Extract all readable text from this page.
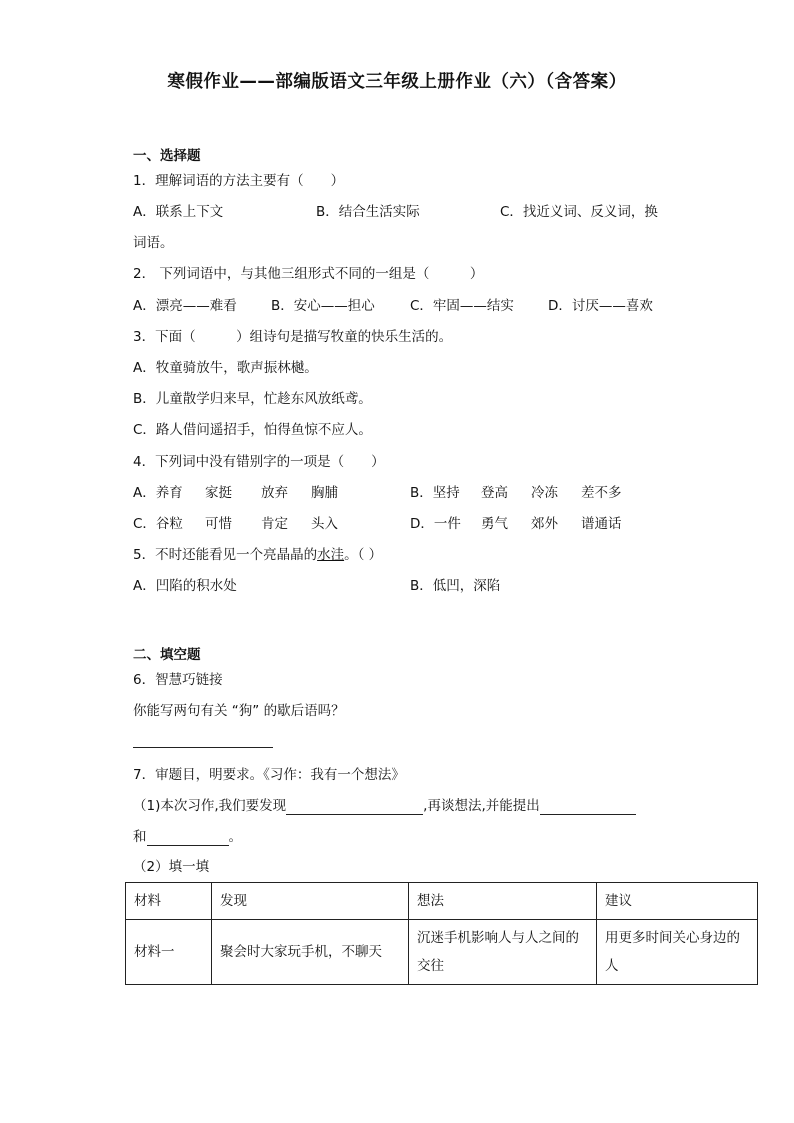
寒假作业——部编版语文三年级上册作业（六）（含答案）
一、选择题
1．理解词语的方法主要有（　　）
A．联系上下文	B．结合生活实际	C．找近义词、反义词，换
词语。
2． 下列词语中，与其他三组形式不同的一组是（　　　）
A．漂亮——难看	B．安心——担心	C．牢固——结实	D．讨厌——喜欢
3．下面（　　　）组诗句是描写牧童的快乐生活的。
A．牧童骑放牛，歌声振林樾。
B．儿童散学归来早，忙趁东风放纸鸢。
C．路人借问遥招手，怕得鱼惊不应人。
4．下列词中没有错别字的一项是（　　）
A．养育 家挺 放弃 胸脯	B．坚持 登高 冷冻 差不多
C．谷粒 可惜 肯定 头入	D．一件 勇气 郊外 谱通话
5．不时还能看见一个亮晶晶的水洼。（ ）
A．凹陷的积水处	B．低凹，深陷
二、填空题
6．智慧巧链接
你能写两句有关 “狗” 的歇后语吗？
7．审题目，明要求。《习作：我有一个想法》
（1)本次习作,我们要发现	,再谈想法,并能提出
和	。
（2）填一填
材料	发现	想法	建议
材料一	聚会时大家玩手机，不聊天	沉迷手机影响人与人之间的交往	用更多时间关心身边的人
